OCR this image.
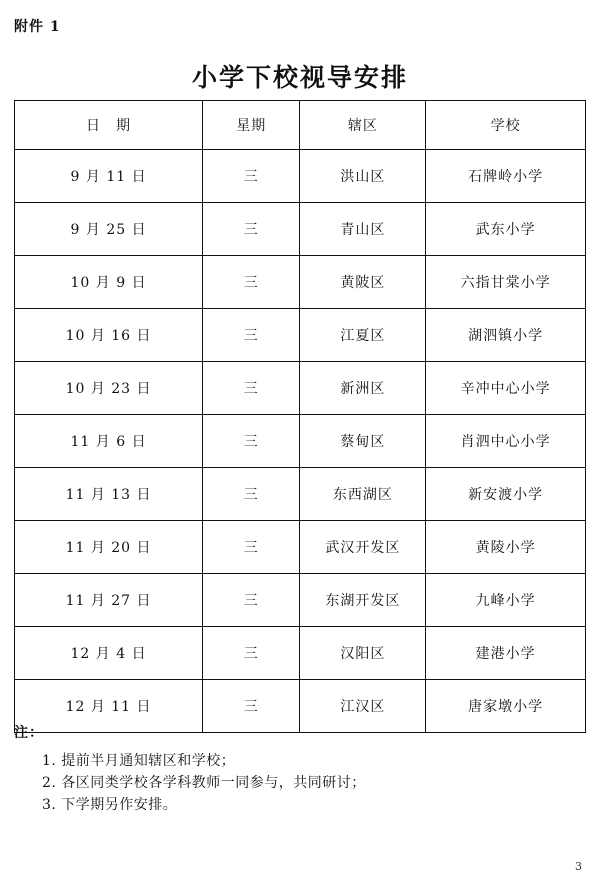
附件 1
小学下校视导安排
日　期	星期	辖区	学校
9 月 11 日	三	洪山区	石牌岭小学
9 月 25 日	三	青山区	武东小学
10 月 9 日	三	黄陂区	六指甘棠小学
10 月 16 日	三	江夏区	湖泗镇小学
10 月 23 日	三	新洲区	辛冲中心小学
11 月 6 日	三	蔡甸区	肖泗中心小学
11 月 13 日	三	东西湖区	新安渡小学
11 月 20 日	三	武汉开发区	黄陵小学
11 月 27 日	三	东湖开发区	九峰小学
12 月 4 日	三	汉阳区	建港小学
12 月 11 日	三	江汉区	唐家墩小学
注：
1. 提前半月通知辖区和学校；
2. 各区同类学校各学科教师一同参与，共同研讨；
3. 下学期另作安排。
3
